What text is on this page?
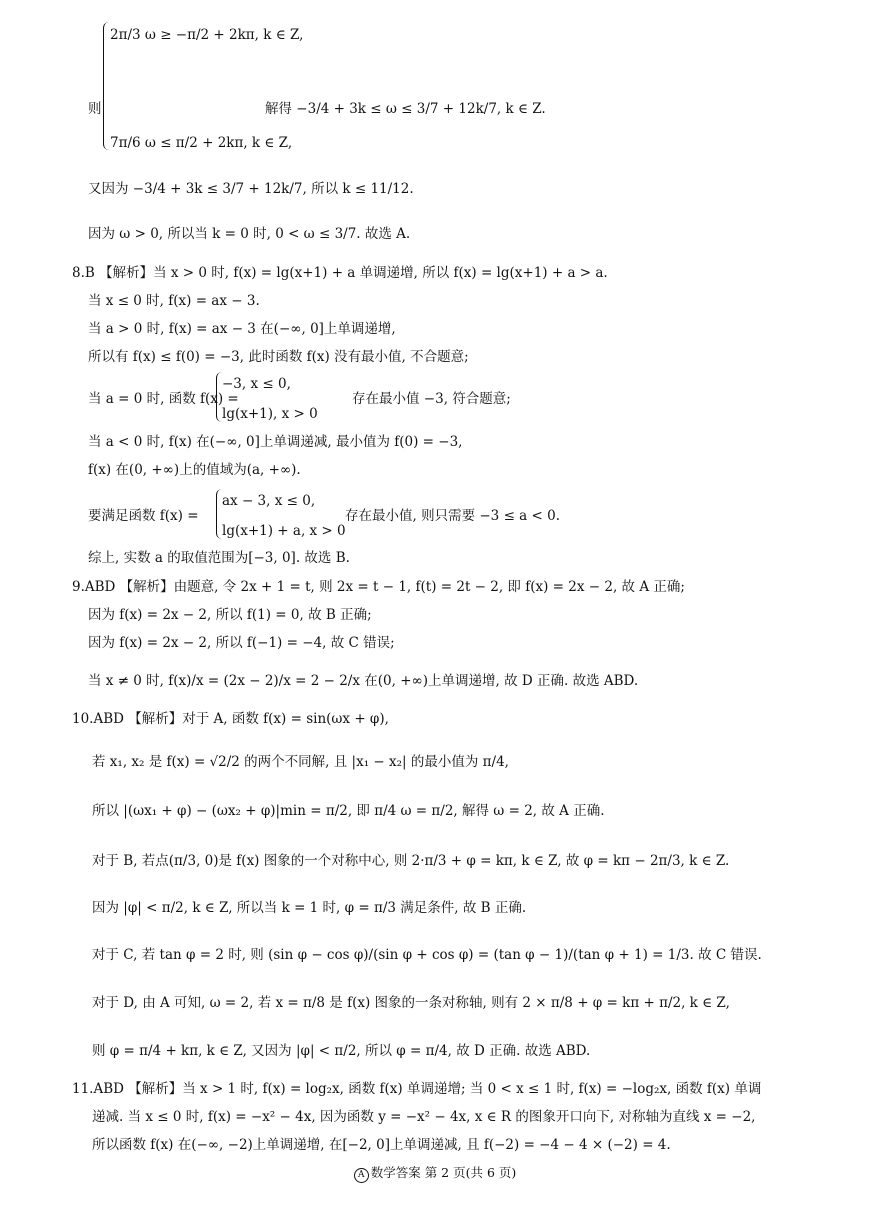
2π/3 ω ≥ −π/2 + 2kπ, k ∈ Z,
则	解得 −3/4 + 3k ≤ ω ≤ 3/7 + 12k/7, k ∈ Z.
7π/6 ω ≤ π/2 + 2kπ, k ∈ Z,
又因为 −3/4 + 3k ≤ 3/7 + 12k/7, 所以 k ≤ 11/12.
因为 ω > 0, 所以当 k = 0 时, 0 < ω ≤ 3/7. 故选 A.
8.B 【解析】当 x > 0 时, f(x) = lg(x+1) + a 单调递增, 所以 f(x) = lg(x+1) + a > a.
当 x ≤ 0 时, f(x) = ax − 3.
当 a > 0 时, f(x) = ax − 3 在(−∞, 0]上单调递增,
所以有 f(x) ≤ f(0) = −3, 此时函数 f(x) 没有最小值, 不合题意;
−3, x ≤ 0,
当 a = 0 时, 函数 f(x) =	存在最小值 −3, 符合题意;
lg(x+1), x > 0
当 a < 0 时, f(x) 在(−∞, 0]上单调递减, 最小值为 f(0) = −3,
f(x) 在(0, +∞)上的值域为(a, +∞).
ax − 3, x ≤ 0,
要满足函数 f(x) =	存在最小值, 则只需要 −3 ≤ a < 0.
lg(x+1) + a, x > 0
综上, 实数 a 的取值范围为[−3, 0]. 故选 B.
9.ABD 【解析】由题意, 令 2x + 1 = t, 则 2x = t − 1, f(t) = 2t − 2, 即 f(x) = 2x − 2, 故 A 正确;
因为 f(x) = 2x − 2, 所以 f(1) = 0, 故 B 正确;
因为 f(x) = 2x − 2, 所以 f(−1) = −4, 故 C 错误;
当 x ≠ 0 时, f(x)/x = (2x − 2)/x = 2 − 2/x 在(0, +∞)上单调递增, 故 D 正确. 故选 ABD.
10.ABD 【解析】对于 A, 函数 f(x) = sin(ωx + φ),
若 x₁, x₂ 是 f(x) = √2/2 的两个不同解, 且 |x₁ − x₂| 的最小值为 π/4,
所以 |(ωx₁ + φ) − (ωx₂ + φ)|min = π/2, 即 π/4 ω = π/2, 解得 ω = 2, 故 A 正确.
对于 B, 若点(π/3, 0)是 f(x) 图象的一个对称中心, 则 2·π/3 + φ = kπ, k ∈ Z, 故 φ = kπ − 2π/3, k ∈ Z.
因为 |φ| < π/2, k ∈ Z, 所以当 k = 1 时, φ = π/3 满足条件, 故 B 正确.
对于 C, 若 tan φ = 2 时, 则 (sin φ − cos φ)/(sin φ + cos φ) = (tan φ − 1)/(tan φ + 1) = 1/3. 故 C 错误.
对于 D, 由 A 可知, ω = 2, 若 x = π/8 是 f(x) 图象的一条对称轴, 则有 2 × π/8 + φ = kπ + π/2, k ∈ Z,
则 φ = π/4 + kπ, k ∈ Z, 又因为 |φ| < π/2, 所以 φ = π/4, 故 D 正确. 故选 ABD.
11.ABD 【解析】当 x > 1 时, f(x) = log₂x, 函数 f(x) 单调递增; 当 0 < x ≤ 1 时, f(x) = −log₂x, 函数 f(x) 单调
递减. 当 x ≤ 0 时, f(x) = −x² − 4x, 因为函数 y = −x² − 4x, x ∈ R 的图象开口向下, 对称轴为直线 x = −2,
所以函数 f(x) 在(−∞, −2)上单调递增, 在[−2, 0]上单调递减, 且 f(−2) = −4 − 4 × (−2) = 4.
A 数学答案 第 2 页(共 6 页)
